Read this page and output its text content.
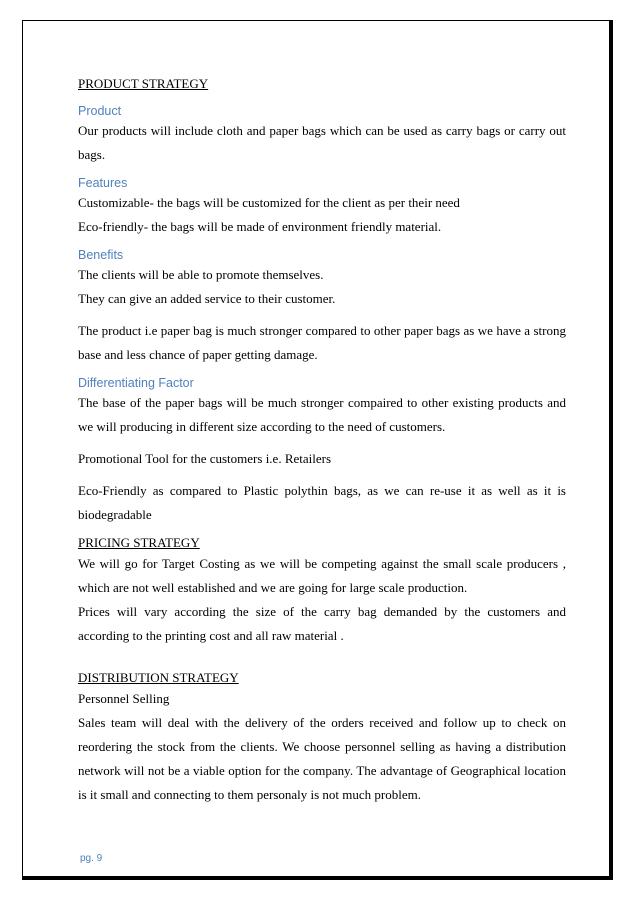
PRODUCT STRATEGY

Product

Our products will include cloth and paper bags which can be used as carry bags or carry out bags.

Features

Customizable- the bags will be customized for the client as per their need

Eco-friendly- the bags will be made of environment friendly material.

Benefits

The clients will be able to promote themselves.

They can give an added service to their customer.

The product i.e paper bag is much stronger compared to other paper bags as we have a strong base and less chance of paper getting damage.

Differentiating Factor

The base of the paper bags will be much stronger compaired to other existing products and we will producing in different size according to the need of customers.

Promotional Tool for the customers i.e. Retailers

Eco-Friendly as compared to Plastic polythin bags, as we can re-use it as well as it is biodegradable

PRICING STRATEGY

We will go for Target Costing as we will be competing against the small scale producers , which are not well established and we are going for large scale production.

Prices will vary according the size of the carry bag demanded by the customers and according to the printing cost and all raw material .

DISTRIBUTION STRATEGY

Personnel Selling

Sales team will deal with the delivery of the orders received and follow up to check on reordering the stock from the clients. We choose personnel selling as having a distribution network will not be a viable option for the company. The advantage of Geographical location is it small and connecting to them personaly is not much problem.

pg. 9
